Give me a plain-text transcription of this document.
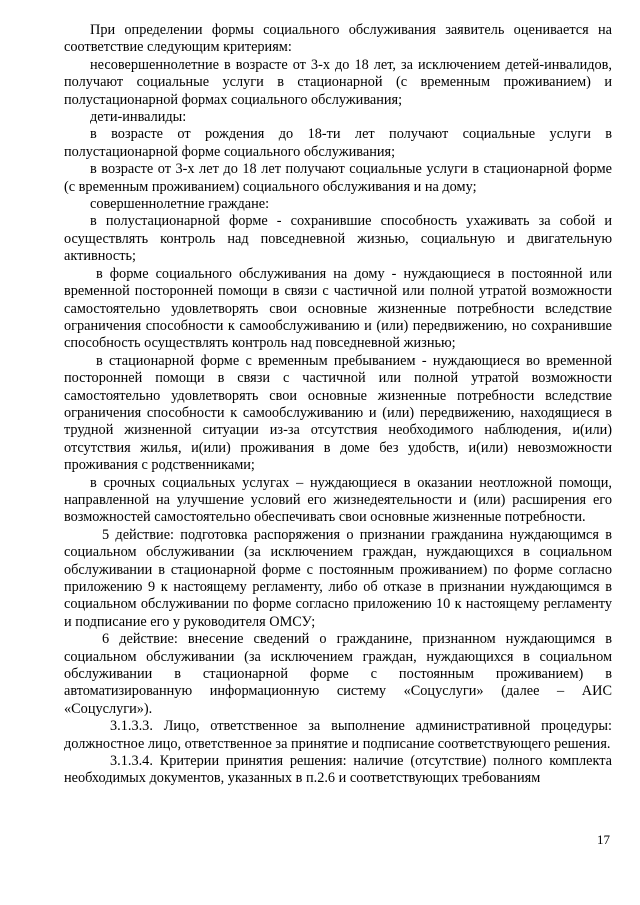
При определении формы социального обслуживания заявитель оценивается на соответствие следующим критериям:

несовершеннолетние в возрасте от 3-х до 18 лет, за исключением детей-инвалидов, получают социальные услуги в стационарной (с временным проживанием) и полустационарной формах социального обслуживания;

дети-инвалиды:

в возрасте от рождения до 18-ти лет получают социальные услуги в полустационарной форме социального обслуживания;

в возрасте от 3-х лет до 18 лет получают социальные услуги в стационарной форме (с временным проживанием) социального обслуживания и на дому;

совершеннолетние граждане:

в полустационарной форме - сохранившие способность ухаживать за собой и осуществлять контроль над повседневной жизнью, социальную и двигательную активность;

в форме социального обслуживания на дому - нуждающиеся в постоянной или временной посторонней помощи в связи с частичной или полной утратой возможности самостоятельно удовлетворять свои основные жизненные потребности вследствие ограничения способности к самообслуживанию и (или) передвижению, но сохранившие способность осуществлять контроль над повседневной жизнью;

в стационарной форме с временным пребыванием - нуждающиеся во временной посторонней помощи в связи с частичной или полной утратой возможности самостоятельно удовлетворять свои основные жизненные потребности вследствие ограничения способности к самообслуживанию и (или) передвижению, находящиеся в трудной жизненной ситуации из-за отсутствия необходимого наблюдения, и(или) отсутствия жилья, и(или) проживания в доме без удобств, и(или) невозможности проживания с родственниками;

в срочных социальных услугах – нуждающиеся в оказании неотложной помощи, направленной на улучшение условий его жизнедеятельности и (или) расширения его возможностей самостоятельно обеспечивать свои основные жизненные потребности.

5 действие: подготовка распоряжения о признании гражданина нуждающимся в социальном обслуживании (за исключением граждан, нуждающихся в социальном обслуживании в стационарной форме с постоянным проживанием) по форме согласно приложению 9 к настоящему регламенту, либо об отказе в признании нуждающимся в социальном обслуживании по форме согласно приложению 10 к настоящему регламенту и подписание его у руководителя ОМСУ;

6 действие: внесение сведений о гражданине, признанном нуждающимся в социальном обслуживании (за исключением граждан, нуждающихся в социальном обслуживании в стационарной форме с постоянным проживанием) в автоматизированную информационную систему «Соцуслуги» (далее – АИС «Соцуслуги»).

3.1.3.3. Лицо, ответственное за выполнение административной процедуры: должностное лицо, ответственное за принятие и подписание соответствующего решения.

3.1.3.4. Критерии принятия решения: наличие (отсутствие) полного комплекта необходимых документов, указанных в п.2.6 и соответствующих требованиям

17
